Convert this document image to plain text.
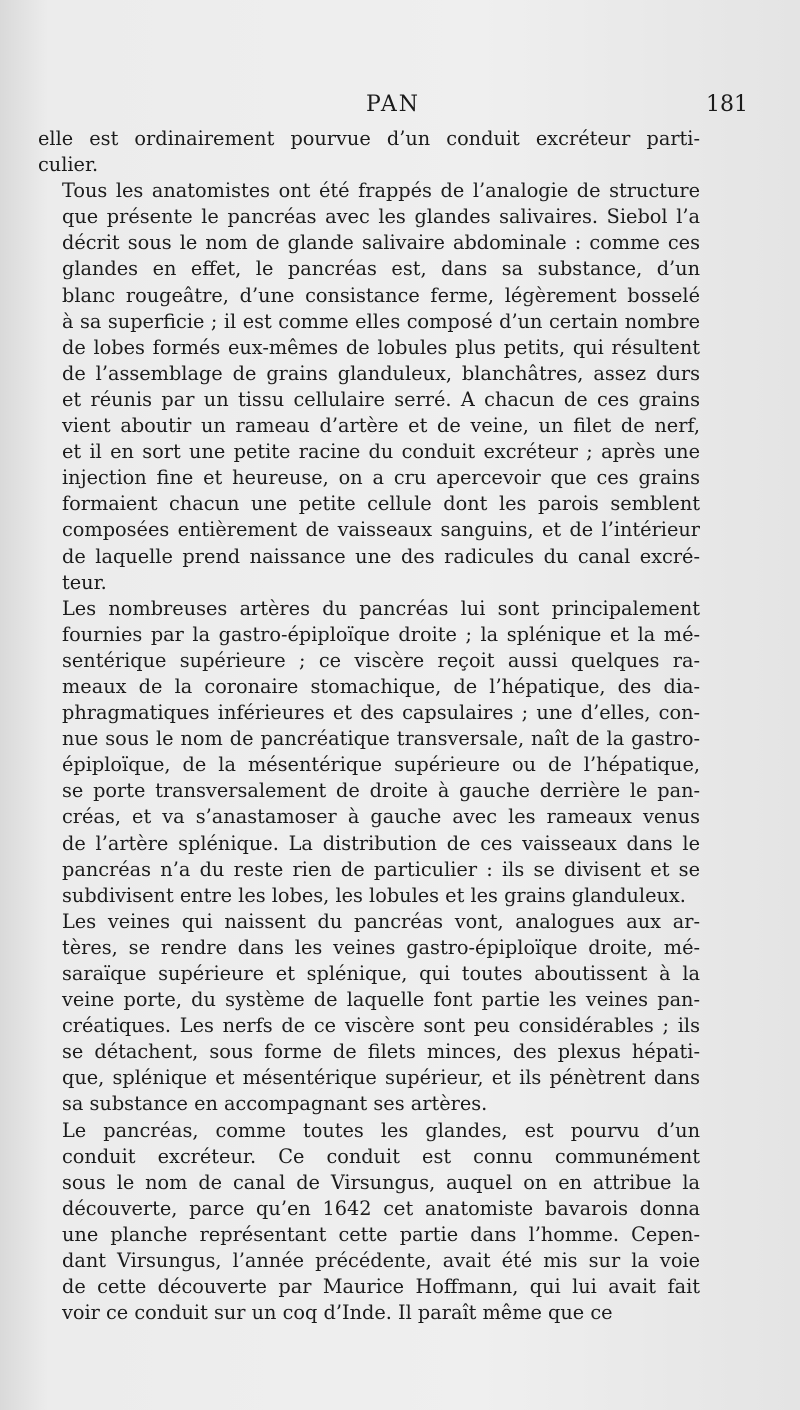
PAN	181

elle est ordinairement pourvue d’un conduit excréteur parti-
culier.

Tous les anatomistes ont été frappés de l’analogie de structure
que présente le pancréas avec les glandes salivaires. Siebol l’a
décrit sous le nom de glande salivaire abdominale : comme ces
glandes en effet, le pancréas est, dans sa substance, d’un
blanc rougeâtre, d’une consistance ferme, légèrement bosselé
à sa superficie ; il est comme elles composé d’un certain nombre
de lobes formés eux-mêmes de lobules plus petits, qui résultent
de l’assemblage de grains glanduleux, blanchâtres, assez durs
et réunis par un tissu cellulaire serré. A chacun de ces grains
vient aboutir un rameau d’artère et de veine, un filet de nerf,
et il en sort une petite racine du conduit excréteur ; après une
injection fine et heureuse, on a cru apercevoir que ces grains
formaient chacun une petite cellule dont les parois semblent
composées entièrement de vaisseaux sanguins, et de l’intérieur
de laquelle prend naissance une des radicules du canal excré-
teur.

Les nombreuses artères du pancréas lui sont principalement
fournies par la gastro-épiploïque droite ; la splénique et la mé-
sentérique supérieure ; ce viscère reçoit aussi quelques ra-
meaux de la coronaire stomachique, de l’hépatique, des dia-
phragmatiques inférieures et des capsulaires ; une d’elles, con-
nue sous le nom de pancréatique transversale, naît de la gastro-
épiploïque, de la mésentérique supérieure ou de l’hépatique,
se porte transversalement de droite à gauche derrière le pan-
créas, et va s’anastamoser à gauche avec les rameaux venus
de l’artère splénique. La distribution de ces vaisseaux dans le
pancréas n’a du reste rien de particulier : ils se divisent et se
subdivisent entre les lobes, les lobules et les grains glanduleux.

Les veines qui naissent du pancréas vont, analogues aux ar-
tères, se rendre dans les veines gastro-épiploïque droite, mé-
saraïque supérieure et splénique, qui toutes aboutissent à la
veine porte, du système de laquelle font partie les veines pan-
créatiques. Les nerfs de ce viscère sont peu considérables ; ils
se détachent, sous forme de filets minces, des plexus hépati-
que, splénique et mésentérique supérieur, et ils pénètrent dans
sa substance en accompagnant ses artères.

Le pancréas, comme toutes les glandes, est pourvu d’un
conduit excréteur. Ce conduit est connu communément
sous le nom de canal de Virsungus, auquel on en attribue la
découverte, parce qu’en 1642 cet anatomiste bavarois donna
une planche représentant cette partie dans l’homme. Cepen-
dant Virsungus, l’année précédente, avait été mis sur la voie
de cette découverte par Maurice Hoffmann, qui lui avait fait
voir ce conduit sur un coq d’Inde. Il paraît même que ce
